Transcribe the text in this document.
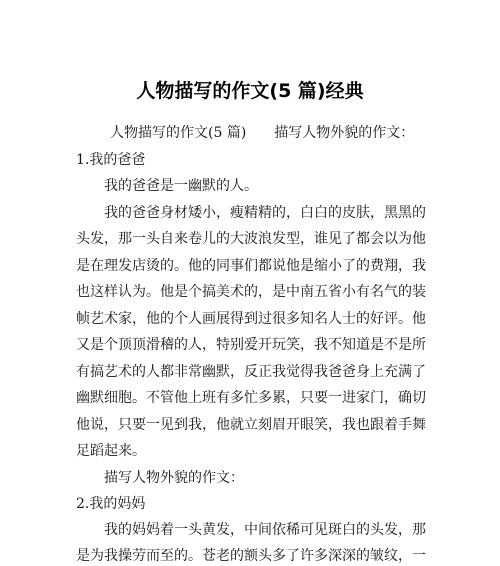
人物描写的作文(5 篇)经典
人物描写的作文(5 篇)　　描写人物外貌的作文：
1.我的爸爸
我的爸爸是一幽默的人。
我的爸爸身材矮小，瘦精精的，白白的皮肤，黑黑的
头发，那一头自来卷儿的大波浪发型，谁见了都会以为他
是在理发店烫的。他的同事们都说他是缩小了的费翔，我
也这样认为。他是个搞美术的，是中南五省小有名气的装
帧艺术家，他的个人画展得到过很多知名人士的好评。他
又是个顶顶滑稽的人，特别爱开玩笑，我不知道是不是所
有搞艺术的人都非常幽默，反正我觉得我爸爸身上充满了
幽默细胞。不管他上班有多忙多累，只要一进家门，确切
他说，只要一见到我，他就立刻眉开眼笑，我也跟着手舞
足蹈起来。
描写人物外貌的作文：
2.我的妈妈
我的妈妈着一头黄发，中间依稀可见斑白的头发，那
是为我操劳而至的。苍老的额头多了许多深深的皱纹，一
